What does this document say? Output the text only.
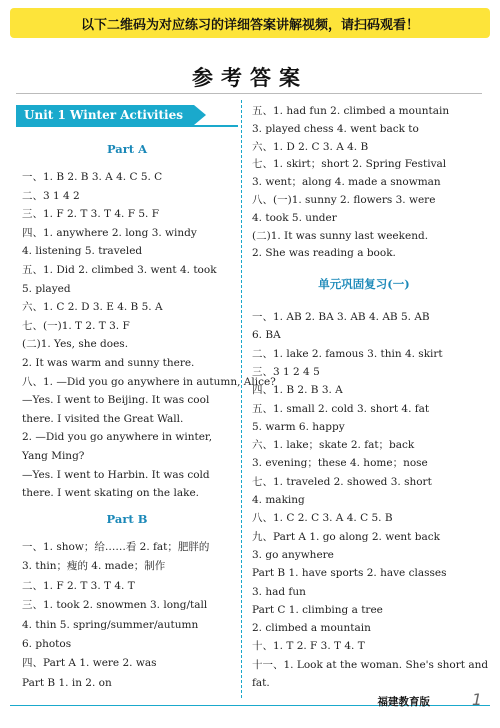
以下二维码为对应练习的详细答案讲解视频，请扫码观看！
参考答案
Unit 1 Winter Activities
Part A
一、1. B 2. B 3. A 4. C 5. C
二、3 1 4 2
三、1. F 2. T 3. T 4. F 5. F
四、1. anywhere 2. long 3. windy
4. listening 5. traveled
五、1. Did 2. climbed 3. went 4. took
5. played
六、1. C 2. D 3. E 4. B 5. A
七、(一)1. T 2. T 3. F
(二)1. Yes, she does.
2. It was warm and sunny there.
八、1. —Did you go anywhere in autumn, Alice?
—Yes. I went to Beijing. It was cool
there. I visited the Great Wall.
2. —Did you go anywhere in winter,
Yang Ming?
—Yes. I went to Harbin. It was cold
there. I went skating on the lake.
Part B
一、1. show；给……看 2. fat；肥胖的
3. thin；瘦的 4. made；制作
二、1. F 2. T 3. T 4. T
三、1. took 2. snowmen 3. long/tall
4. thin 5. spring/summer/autumn
6. photos
四、Part A 1. were 2. was
Part B 1. in 2. on
五、1. had fun 2. climbed a mountain
3. played chess 4. went back to
六、1. D 2. C 3. A 4. B
七、1. skirt；short 2. Spring Festival
3. went；along 4. made a snowman
八、(一)1. sunny 2. flowers 3. were
4. took 5. under
(二)1. It was sunny last weekend.
2. She was reading a book.
单元巩固复习(一)
一、1. AB 2. BA 3. AB 4. AB 5. AB
6. BA
二、1. lake 2. famous 3. thin 4. skirt
三、3 1 2 4 5
四、1. B 2. B 3. A
五、1. small 2. cold 3. short 4. fat
5. warm 6. happy
六、1. lake；skate 2. fat；back
3. evening；these 4. home；nose
七、1. traveled 2. showed 3. short
4. making
八、1. C 2. C 3. A 4. C 5. B
九、Part A 1. go along 2. went back
3. go anywhere
Part B 1. have sports 2. have classes
3. had fun
Part C 1. climbing a tree
2. climbed a mountain
十、1. T 2. F 3. T 4. T
十一、1. Look at the woman. She's short and
fat.
福建教育版	1
